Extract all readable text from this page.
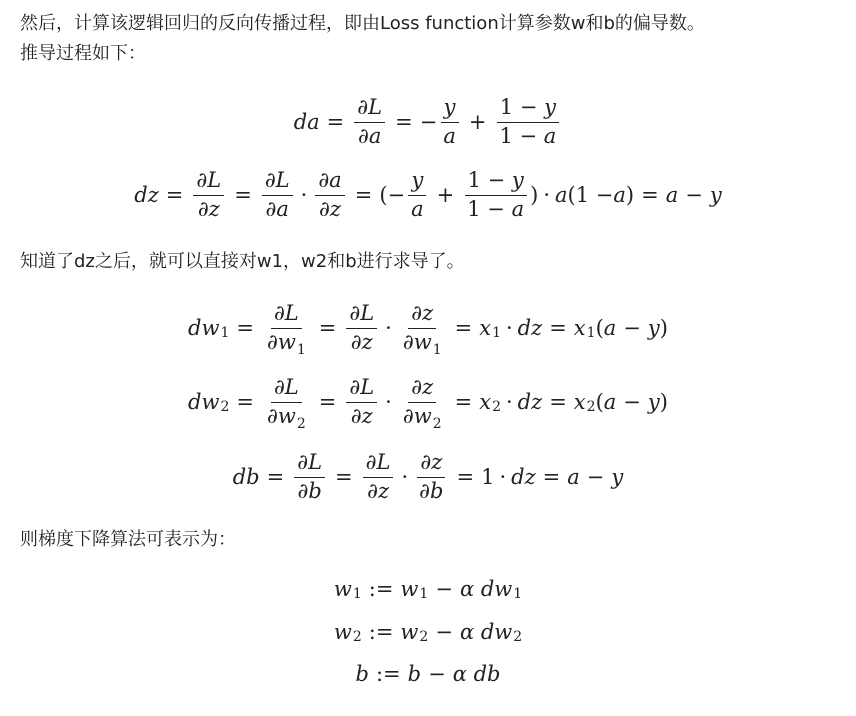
然后，计算该逻辑回归的反向传播过程，即由Loss function计算参数w和b的偏导数。
推导过程如下：
da = $\frac{\partial L}{\partial a}$ = − $\frac{y}{a} + \frac{1 - y}{1 - a}$
dz = $\frac{\partial L}{\partial z} = \frac{\partial L}{\partial a} \cdot \frac{\partial a}{\partial z}$ = ( − $\frac{y}{a} + \frac{1 - y}{1 - a}$ ) · a (1 − a ) = a − y
知道了dz之后，就可以直接对w1，w2和b进行求导了。
dw $1 = \frac{\partial L}{\partial w_1} = \frac{\partial L}{\partial z} \cdot \frac{\partial z}{\partial w_1} = x$ 1 · dz = x 1 ( a − y )
dw $2 = \frac{\partial L}{\partial w_2} = \frac{\partial L}{\partial z} \cdot \frac{\partial z}{\partial w_2} = x$ 2 · dz = x 2 ( a − y )
db = $\frac{\partial L}{\partial b} = \frac{\partial L}{\partial z} \cdot \frac{\partial z}{\partial b} = 1$ · dz = a − y
则梯度下降算法可表示为：
w 1 := w 1 − α
dw 1
w 2 := w 2 − α
dw 2
b := b − α
db
